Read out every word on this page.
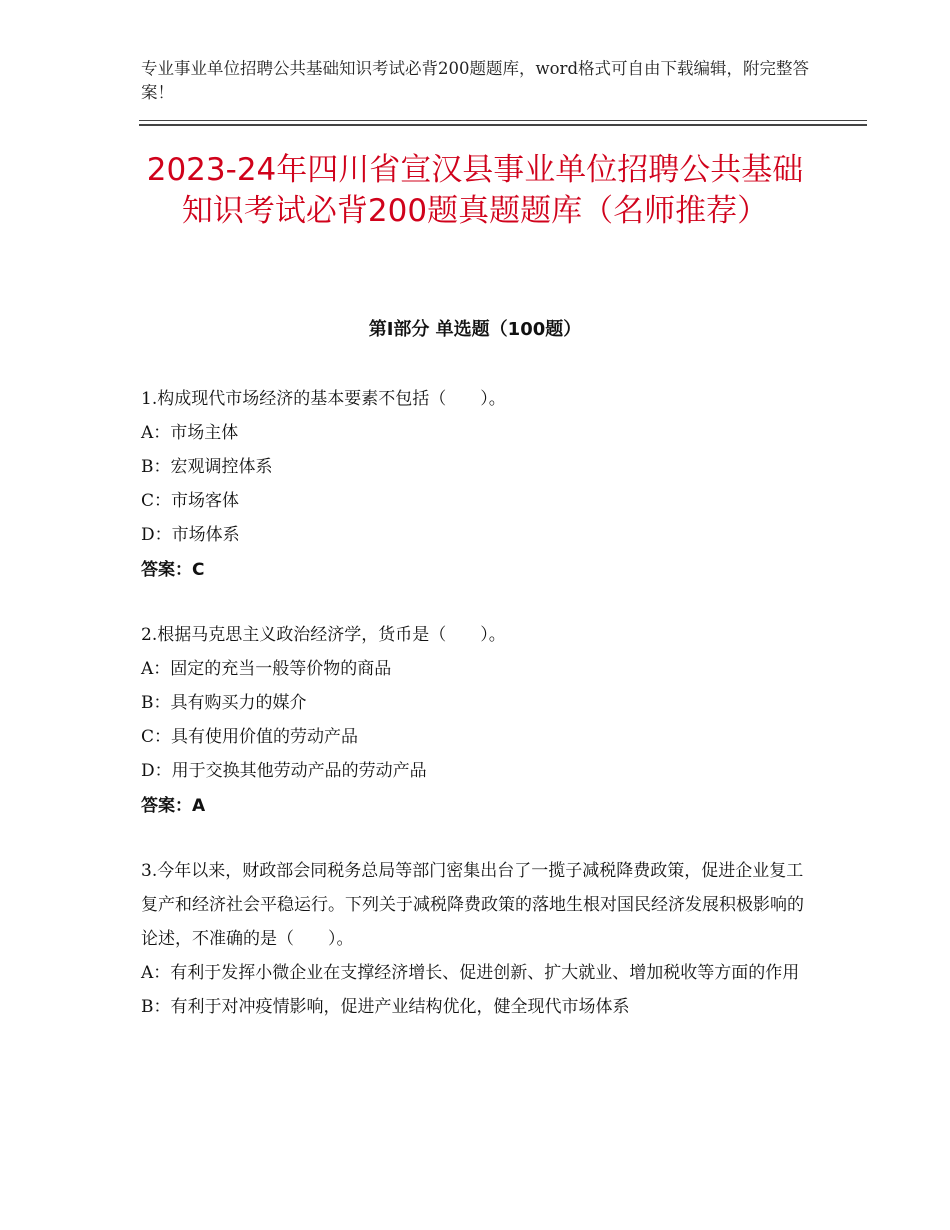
专业事业单位招聘公共基础知识考试必背200题题库，word格式可自由下载编辑，附完整答案！
2023-24年四川省宣汉县事业单位招聘公共基础知识考试必背200题真题题库（名师推荐）
第Ⅰ部分 单选题（100题）

1.构成现代市场经济的基本要素不包括（　　）。

A：市场主体

B：宏观调控体系

C：市场客体

D：市场体系

答案：C

2.根据马克思主义政治经济学，货币是（　　）。

A：固定的充当一般等价物的商品

B：具有购买力的媒介

C：具有使用价值的劳动产品

D：用于交换其他劳动产品的劳动产品

答案：A

3.今年以来，财政部会同税务总局等部门密集出台了一揽子减税降费政策，促进企业复工复产和经济社会平稳运行。下列关于减税降费政策的落地生根对国民经济发展积极影响的论述，不准确的是（　　）。

A：有利于发挥小微企业在支撑经济增长、促进创新、扩大就业、增加税收等方面的作用

B：有利于对冲疫情影响，促进产业结构优化，健全现代市场体系
